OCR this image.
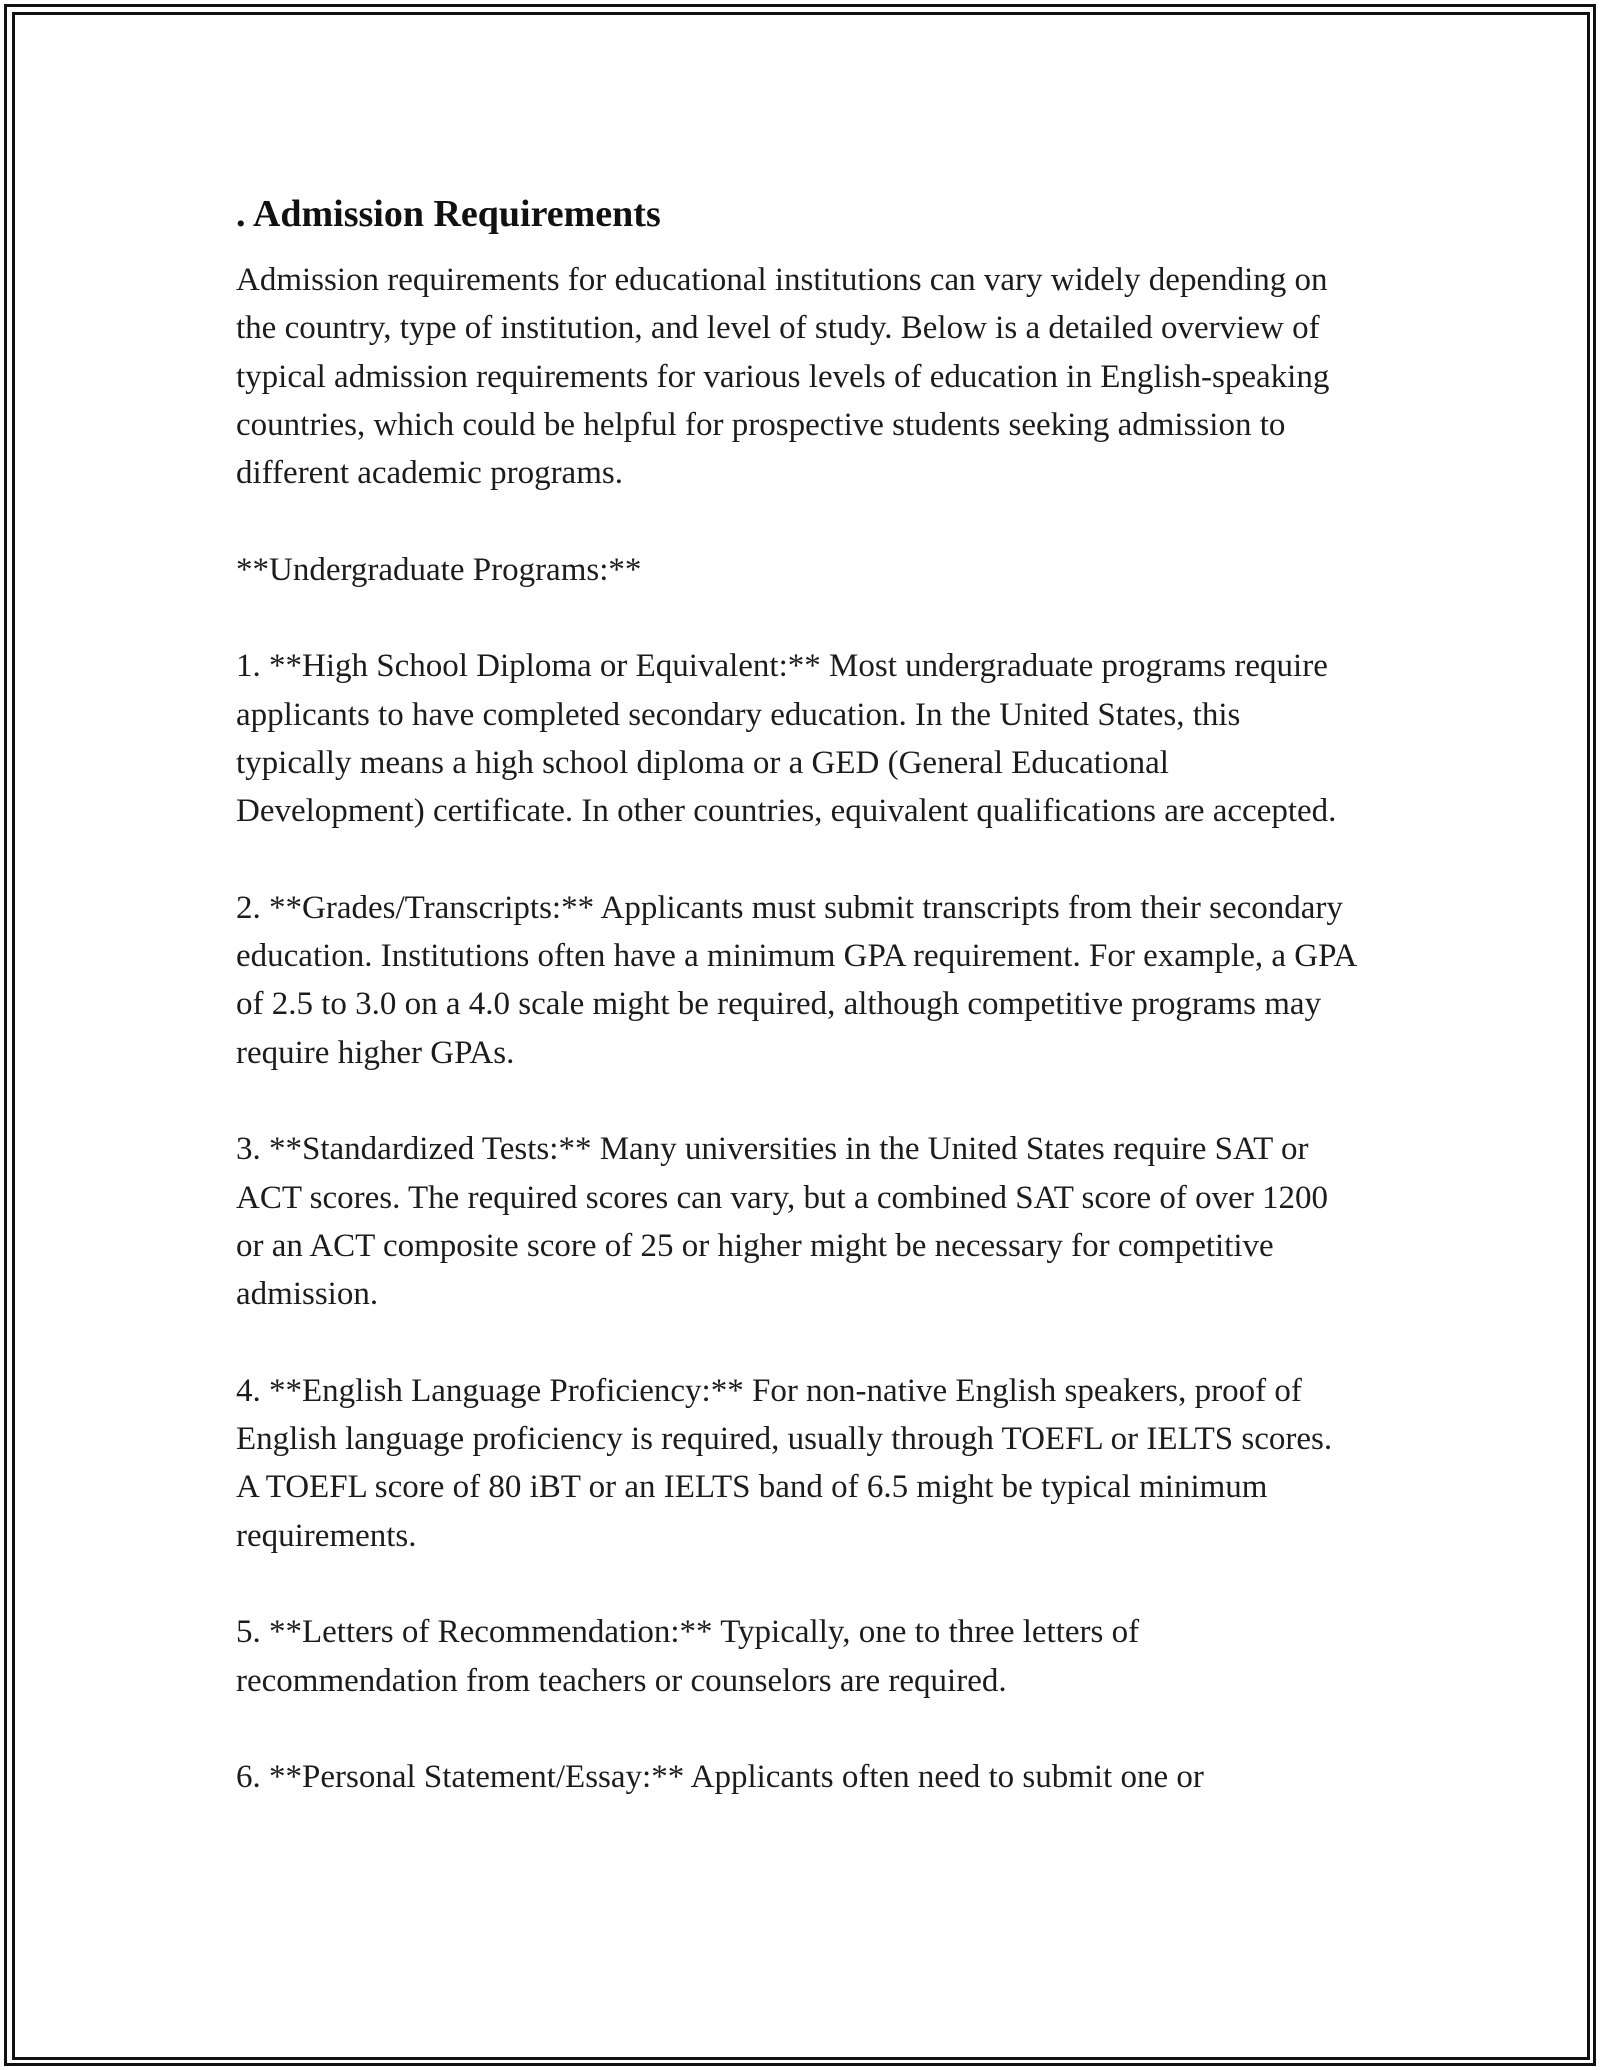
. Admission Requirements

Admission requirements for educational institutions can vary widely depending on the country, type of institution, and level of study. Below is a detailed overview of typical admission requirements for various levels of education in English-speaking countries, which could be helpful for prospective students seeking admission to different academic programs.

**Undergraduate Programs:**

1. **High School Diploma or Equivalent:** Most undergraduate programs require applicants to have completed secondary education. In the United States, this typically means a high school diploma or a GED (General Educational Development) certificate. In other countries, equivalent qualifications are accepted.

2. **Grades/Transcripts:** Applicants must submit transcripts from their secondary education. Institutions often have a minimum GPA requirement. For example, a GPA of 2.5 to 3.0 on a 4.0 scale might be required, although competitive programs may require higher GPAs.

3. **Standardized Tests:** Many universities in the United States require SAT or ACT scores. The required scores can vary, but a combined SAT score of over 1200 or an ACT composite score of 25 or higher might be necessary for competitive admission.

4. **English Language Proficiency:** For non-native English speakers, proof of English language proficiency is required, usually through TOEFL or IELTS scores. A TOEFL score of 80 iBT or an IELTS band of 6.5 might be typical minimum requirements.

5. **Letters of Recommendation:** Typically, one to three letters of recommendation from teachers or counselors are required.

6. **Personal Statement/Essay:** Applicants often need to submit one or
